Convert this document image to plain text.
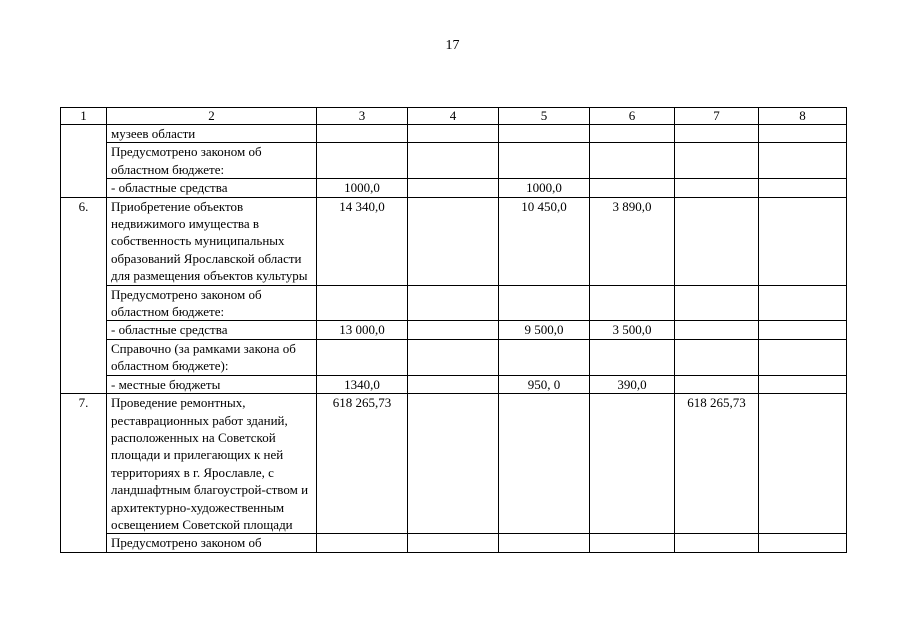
17
1	2	3	4	5	6	7	8
	музеев области						
	Предусмотрено законом об областном бюджете:						
	- областные средства	1000,0		1000,0			
6.	Приобретение объектов недвижимого имущества в собственность муниципальных образований Ярославской области для размещения объектов культуры	14 340,0		10 450,0	3 890,0		
	Предусмотрено законом об областном бюджете:						
	- областные средства	13 000,0		9 500,0	3 500,0		
	Справочно (за рамками закона об областном бюджете):						
	- местные бюджеты	1340,0		950, 0	390,0		
7.	Проведение ремонтных, реставрационных работ зданий, расположенных на Советской площади и прилегающих к ней территориях в г. Ярославле, с ландшафтным благоустрой-ством и архитектурно-художественным освещением Советской площади	618 265,73				618 265,73	
	Предусмотрено законом об						
